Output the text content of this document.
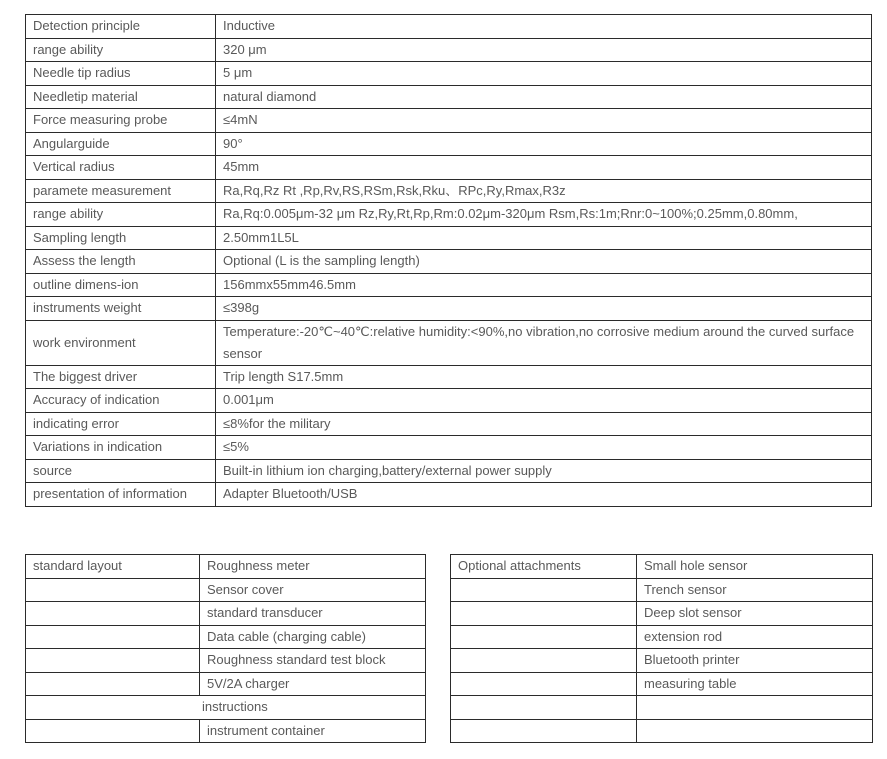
Detection principle	Inductive
range ability	320 μm
Needle tip radius	5 μm
Needletip material	natural diamond
Force measuring probe	≤4mN
Angularguide	90°
Vertical radius	45mm
paramete measurement	Ra,Rq,Rz Rt ,Rp,Rv,RS,RSm,Rsk,Rku、RPc,Ry,Rmax,R3z
range ability	Ra,Rq:0.005μm-32 μm Rz,Ry,Rt,Rp,Rm:0.02μm-320μm Rsm,Rs:1m;Rnr:0~100%;0.25mm,0.80mm,
Sampling length	2.50mm1L5L
Assess the length	Optional (L is the sampling length)
outline dimens-ion	156mmx55mm46.5mm
instruments weight	≤398g
work environment	Temperature:-20℃~40℃:relative humidity:<90%,no vibration,no corrosive medium around the curved surface sensor
The biggest driver	Trip length S17.5mm
Accuracy of indication	0.001μm
indicating error	≤8%for the military
Variations in indication	≤5%
source	Built-in lithium ion charging,battery/external power supply
presentation of information	Adapter Bluetooth/USB
standard layout	Roughness meter
	Sensor cover
	standard transducer
	Data cable (charging cable)
	Roughness standard test block
	5V/2A charger
instructions	
	instrument container
Optional attachments	Small hole sensor
	Trench sensor
	Deep slot sensor
	extension rod
	Bluetooth printer
	measuring table
